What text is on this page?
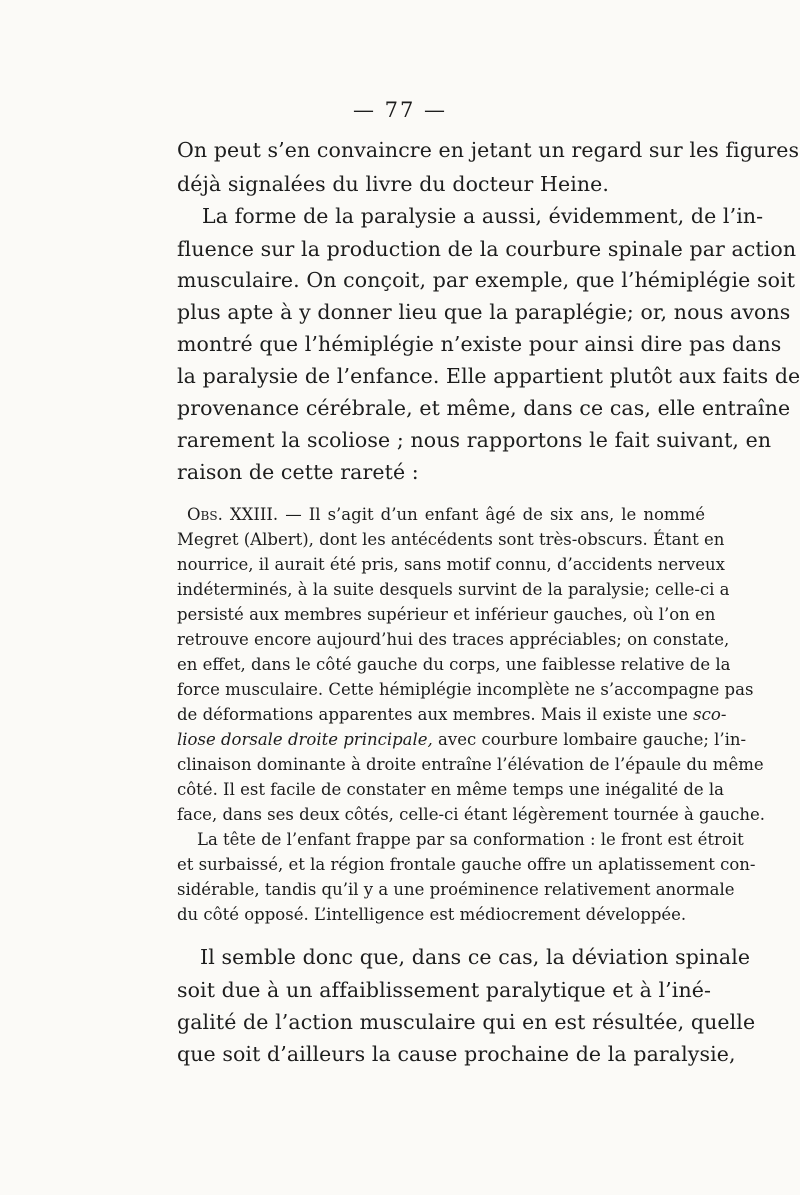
— 77 —
On peut s’en convaincre en jetant un regard sur les figures
déjà signalées du livre du docteur Heine.
La forme de la paralysie a aussi, évidemment, de l’in-
fluence sur la production de la courbure spinale par action
musculaire. On conçoit, par exemple, que l’hémiplégie soit
plus apte à y donner lieu que la paraplégie; or, nous avons
montré que l’hémiplégie n’existe pour ainsi dire pas dans
la paralysie de l’enfance. Elle appartient plutôt aux faits de
provenance cérébrale, et même, dans ce cas, elle entraîne
rarement la scoliose ; nous rapportons le fait suivant, en
raison de cette rareté :
Obs. XXIII. — Il s’agit d’un enfant âgé de six ans, le nommé
Megret (Albert), dont les antécédents sont très-obscurs. Étant en
nourrice, il aurait été pris, sans motif connu, d’accidents nerveux
indéterminés, à la suite desquels survint de la paralysie; celle-ci a
persisté aux membres supérieur et inférieur gauches, où l’on en
retrouve encore aujourd’hui des traces appréciables; on constate,
en effet, dans le côté gauche du corps, une faiblesse relative de la
force musculaire. Cette hémiplégie incomplète ne s’accompagne pas
de déformations apparentes aux membres. Mais il existe une sco-
liose dorsale droite principale, avec courbure lombaire gauche; l’in-
clinaison dominante à droite entraîne l’élévation de l’épaule du même
côté. Il est facile de constater en même temps une inégalité de la
face, dans ses deux côtés, celle-ci étant légèrement tournée à gauche.
La tête de l’enfant frappe par sa conformation : le front est étroit
et surbaissé, et la région frontale gauche offre un aplatissement con-
sidérable, tandis qu’il y a une proéminence relativement anormale
du côté opposé. L’intelligence est médiocrement développée.
Il semble donc que, dans ce cas, la déviation spinale
soit due à un affaiblissement paralytique et à l’iné-
galité de l’action musculaire qui en est résultée, quelle
que soit d’ailleurs la cause prochaine de la paralysie,
